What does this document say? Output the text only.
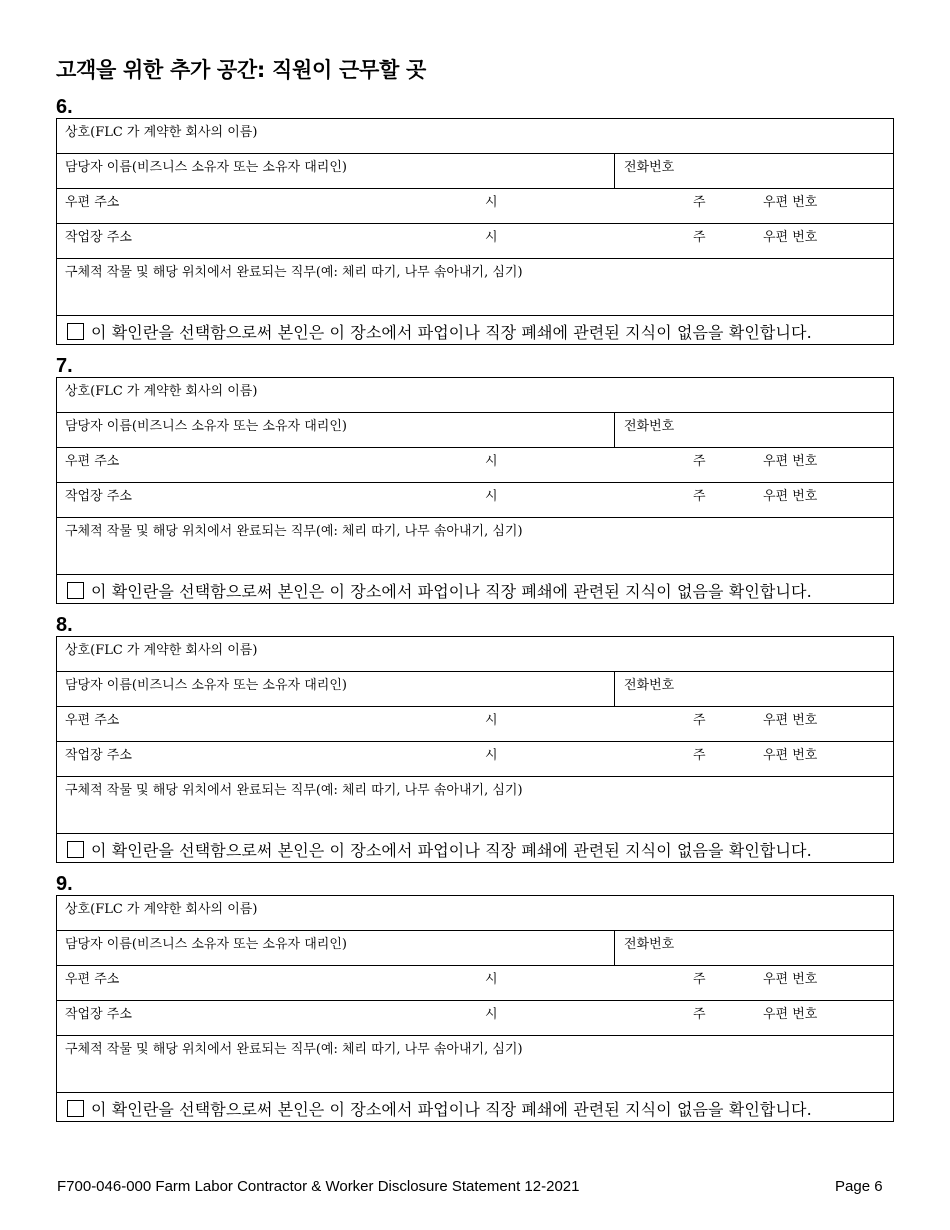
고객을 위한 추가 공간: 직원이 근무할 곳
6.
상호(FLC 가 계약한 회사의 이름)
담당자 이름(비즈니스 소유자 또는 소유자 대리인)	전화번호
우편 주소	시	주	우편 번호
작업장 주소	시	주	우편 번호
구체적 작물 및 해당 위치에서 완료되는 직무(예: 체리 따기, 나무 솎아내기, 심기)
이 확인란을 선택함으로써 본인은 이 장소에서 파업이나 직장 폐쇄에 관련된 지식이 없음을 확인합니다.
7.
상호(FLC 가 계약한 회사의 이름)
담당자 이름(비즈니스 소유자 또는 소유자 대리인)	전화번호
우편 주소	시	주	우편 번호
작업장 주소	시	주	우편 번호
구체적 작물 및 해당 위치에서 완료되는 직무(예: 체리 따기, 나무 솎아내기, 심기)
이 확인란을 선택함으로써 본인은 이 장소에서 파업이나 직장 폐쇄에 관련된 지식이 없음을 확인합니다.
8.
상호(FLC 가 계약한 회사의 이름)
담당자 이름(비즈니스 소유자 또는 소유자 대리인)	전화번호
우편 주소	시	주	우편 번호
작업장 주소	시	주	우편 번호
구체적 작물 및 해당 위치에서 완료되는 직무(예: 체리 따기, 나무 솎아내기, 심기)
이 확인란을 선택함으로써 본인은 이 장소에서 파업이나 직장 폐쇄에 관련된 지식이 없음을 확인합니다.
9.
상호(FLC 가 계약한 회사의 이름)
담당자 이름(비즈니스 소유자 또는 소유자 대리인)	전화번호
우편 주소	시	주	우편 번호
작업장 주소	시	주	우편 번호
구체적 작물 및 해당 위치에서 완료되는 직무(예: 체리 따기, 나무 솎아내기, 심기)
이 확인란을 선택함으로써 본인은 이 장소에서 파업이나 직장 폐쇄에 관련된 지식이 없음을 확인합니다.
F700-046-000 Farm Labor Contractor & Worker Disclosure Statement 12-2021	Page 6
